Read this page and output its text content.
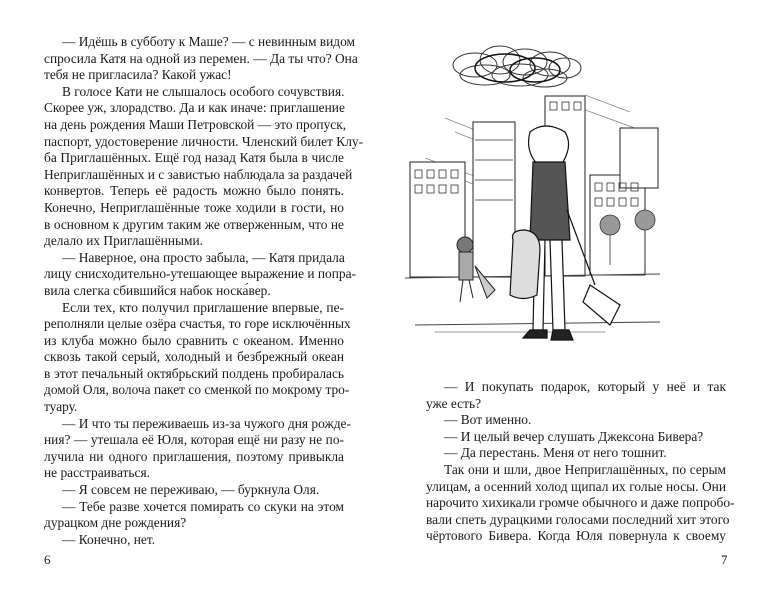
— Идёшь в субботу к Маше? — с невинным видом
спросила Катя на одной из перемен. — Да ты что? Она
тебя не пригласила? Какой ужас!
В голосе Кати не слышалось особого сочувствия.
Скорее уж, злорадство. Да и как иначе: приглашение
на день рождения Маши Петровской — это пропуск,
паспорт, удостоверение личности. Членский билет Клу-
ба Приглашённых. Ещё год назад Катя была в числе
Неприглашённых и с завистью наблюдала за раздачей
конвертов. Теперь её радость можно было понять.
Конечно, Неприглашённые тоже ходили в гости, но
в основном к другим таким же отверженным, что не
делало их Приглашёнными.
— Наверное, она просто забыла, — Катя придала
лицу снисходительно-утешающее выражение и попра-
вила слегка сбившийся набок носка́вер.
Если тех, кто получил приглашение впервые, пе-
реполняли целые озёра счастья, то горе исключённых
из клуба можно было сравнить с океаном. Именно
сквозь такой серый, холодный и безбрежный океан
в этот печальный октябрьский полдень пробиралась
домой Оля, волоча пакет со сменкой по мокрому тро-
туару.
— И что ты переживаешь из-за чужого дня рожде-
ния? — утешала её Юля, которая ещё ни разу не по-
лучила ни одного приглашения, поэтому привыкла
не расстраиваться.
— Я совсем не переживаю, — буркнула Оля.
— Тебе разве хочется помирать со скуки на этом
дурацком дне рождения?
— Конечно, нет.
6
— И покупать подарок, который у неё и так
уже есть?
— Вот именно.
— И целый вечер слушать Джексона Бивера?
— Да перестань. Меня от него тошнит.
Так они и шли, двое Неприглашённых, по серым
улицам, а осенний холод щипал их голые носы. Они
нарочито хихикали громче обычного и даже попробо-
вали спеть дурацкими голосами последний хит этого
чёртового Бивера. Когда Юля повернула к своему
7
